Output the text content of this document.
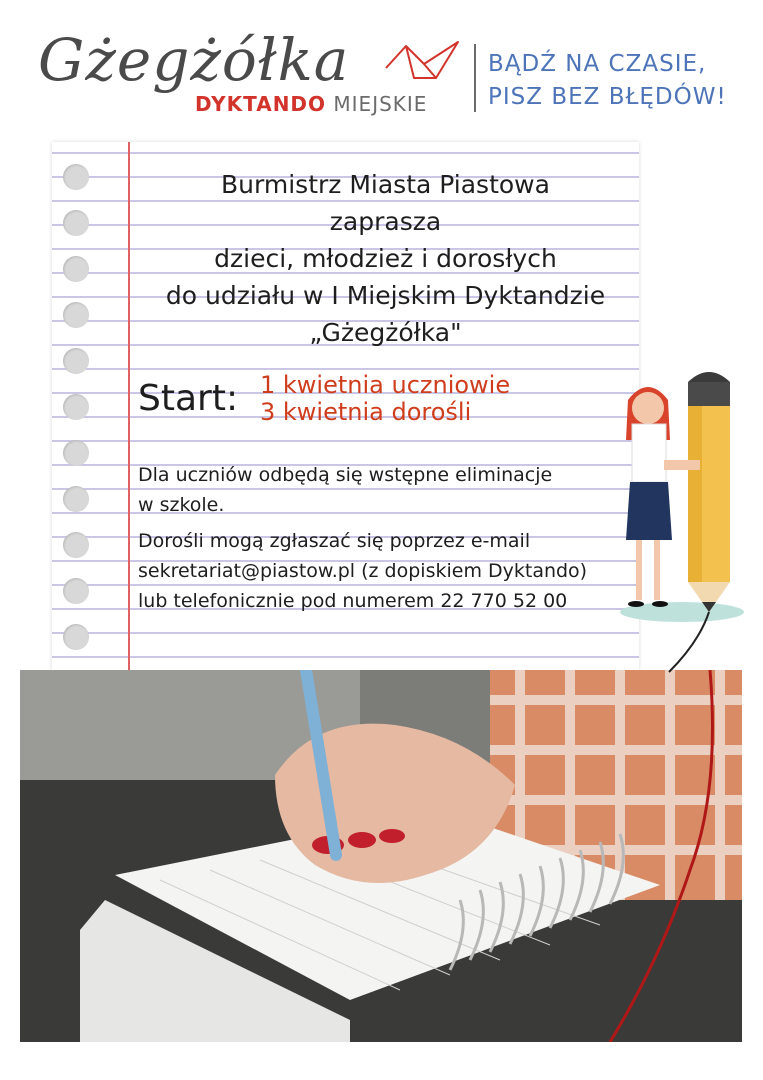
Gżegżółka
DYKTANDO MIEJSKIE
BĄDŹ NA CZASIE,
PISZ BEZ BŁĘDÓW!
Burmistrz Miasta Piastowa
zaprasza
dzieci, młodzież i dorosłych
do udziału w I Miejskim Dyktandzie
„Gżegżółka"
Start: 1 kwietnia uczniowie
3 kwietnia dorośli
Dla uczniów odbędą się wstępne eliminacje
w szkole.
Dorośli mogą zgłaszać się poprzez e-mail
sekretariat@piastow.pl (z dopiskiem Dyktando)
lub telefonicznie pod numerem 22 770 52 00
